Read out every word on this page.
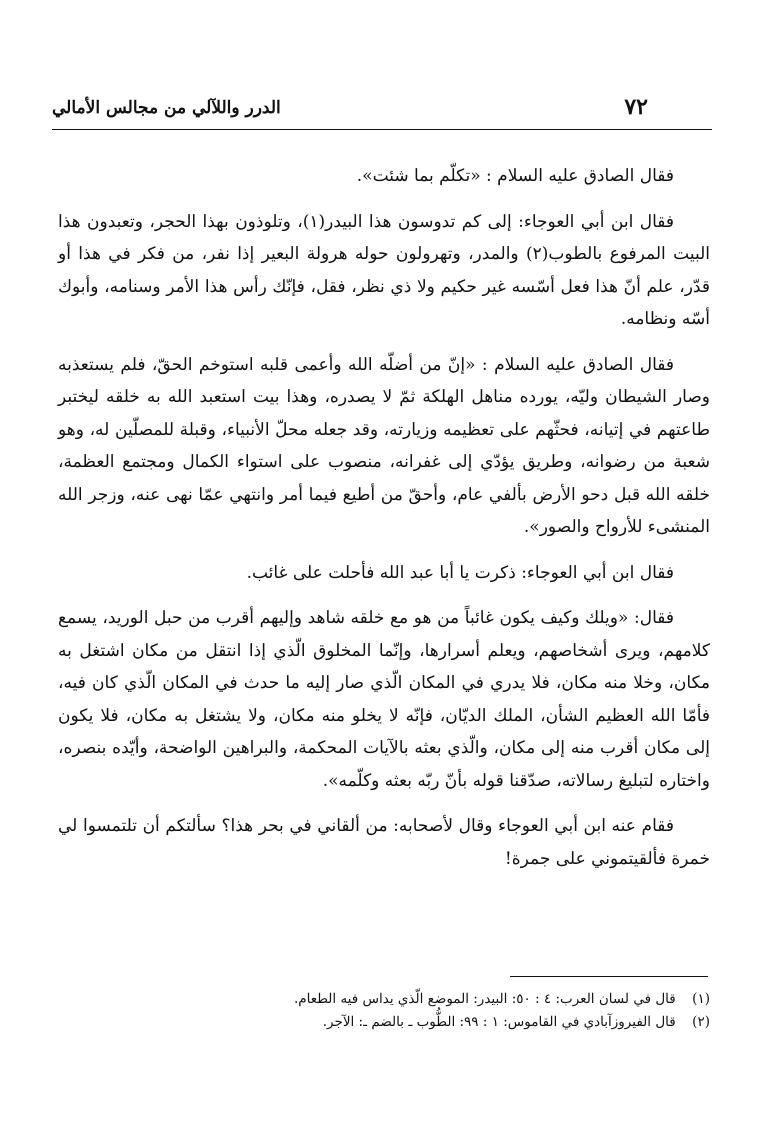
٧٢
الدرر واللآلي من مجالس الأمالي

فقال الصادق عليه السلام : «تكلّم بما شئت».

فقال ابن أبي العوجاء: إلى كم تدوسون هذا البيدر(١)، وتلوذون بهذا الحجر، وتعبدون هذا البيت المرفوع بالطوب(٢) والمدر، وتهرولون حوله هرولة البعير إذا نفر، من فكر في هذا أو قدّر، علم أنّ هذا فعل أسّسه غير حكيم ولا ذي نظر، فقل، فإنّك رأس هذا الأمر وسنامه، وأبوك أسّه ونظامه.

فقال الصادق عليه السلام : «إنّ من أضلّه الله وأعمى قلبه استوخم الحقّ، فلم يستعذبه وصار الشيطان وليّه، يورده مناهل الهلكة ثمّ لا يصدره، وهذا بيت استعبد الله به خلقه ليختبر طاعتهم في إتيانه، فحثّهم على تعظيمه وزيارته، وقد جعله محلّ الأنبياء، وقبلة للمصلّين له، وهو شعبة من رضوانه، وطريق يؤدّي إلى غفرانه، منصوب على استواء الكمال ومجتمع العظمة، خلقه الله قبل دحو الأرض بألفي عام، وأحقّ من أطيع فيما أمر وانتهي عمّا نهى عنه، وزجر الله المنشىء للأرواح والصور».

فقال ابن أبي العوجاء: ذكرت يا أبا عبد الله فأحلت على غائب.

فقال: «ويلك وكيف يكون غائباً من هو مع خلقه شاهد وإليهم أقرب من حبل الوريد، يسمع كلامهم، ويرى أشخاصهم، ويعلم أسرارها، وإنّما المخلوق الّذي إذا انتقل من مكان اشتغل به مكان، وخلا منه مكان، فلا يدري في المكان الّذي صار إليه ما حدث في المكان الّذي كان فيه، فأمّا الله العظيم الشأن، الملك الديّان، فإنّه لا يخلو منه مكان، ولا يشتغل به مكان، فلا يكون إلى مكان أقرب منه إلى مكان، والّذي بعثه بالآيات المحكمة، والبراهين الواضحة، وأيّده بنصره، واختاره لتبليغ رسالاته، صدّقنا قوله بأنّ ربّه بعثه وكلّمه».

فقام عنه ابن أبي العوجاء وقال لأصحابه: من ألقاني في بحر هذا؟ سألتكم أن تلتمسوا لي خمرة فألقيتموني على جمرة!

(١) قال في لسان العرب: ٤ : ٥٠: البيدر: الموضع الّذي يداس فيه الطعام.

(٢) قال الفيروزآبادي في القاموس: ١ : ٩٩: الطُّوب ـ بالضم ـ: الآجر.
